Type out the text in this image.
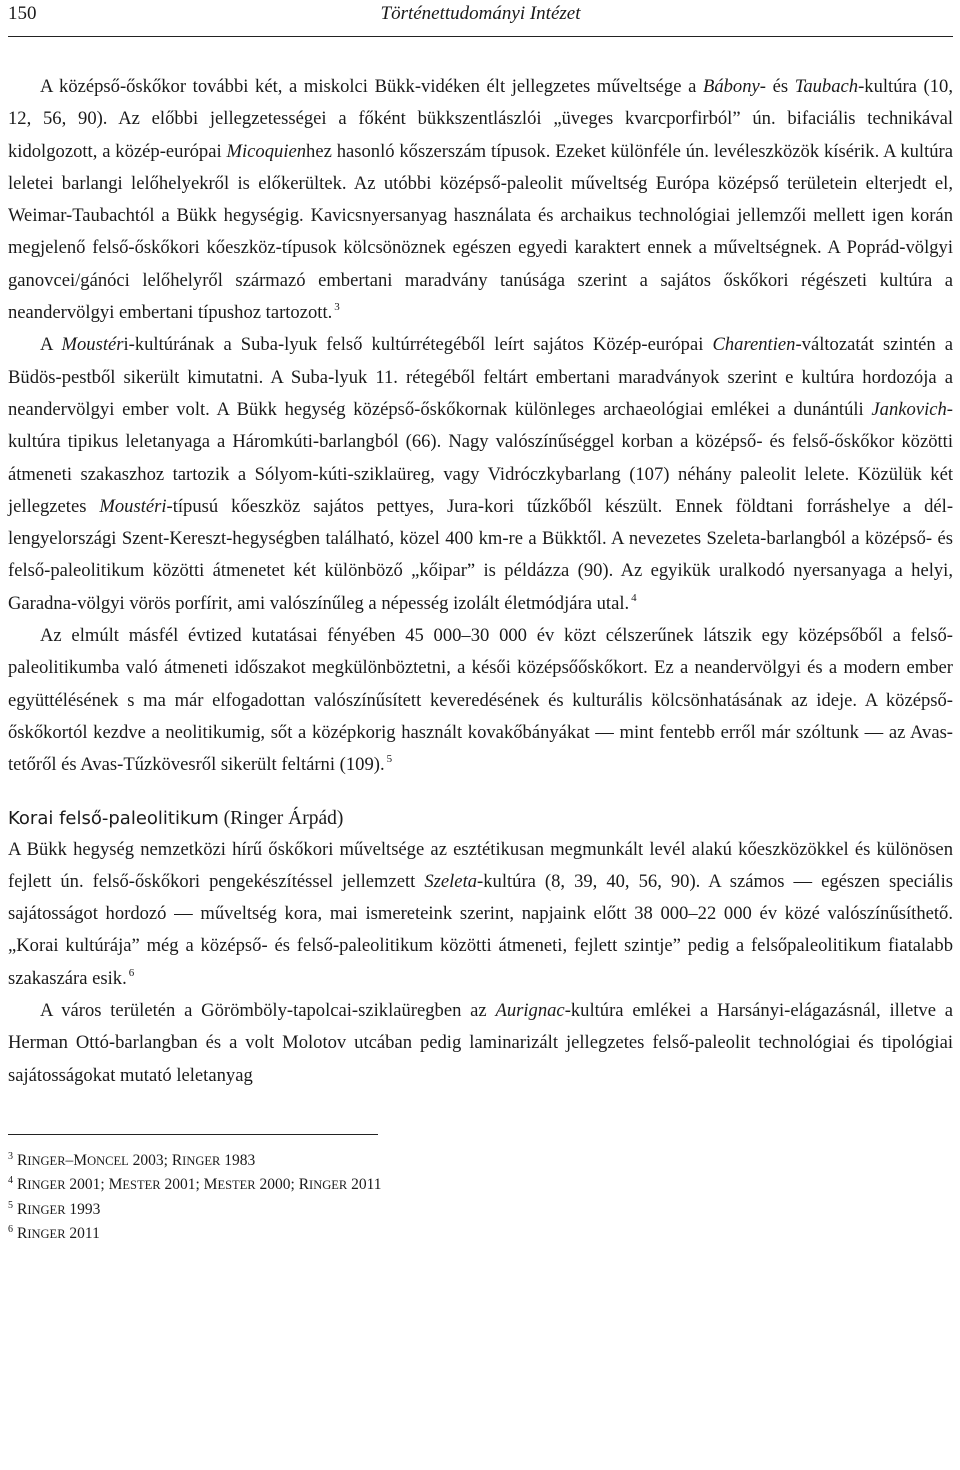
150	Történettudományi Intézet

A középső-őskőkor további két, a miskolci Bükk-vidéken élt jellegzetes műveltsége a Bábony- és Taubach-kultúra (10, 12, 56, 90). Az előbbi jellegzetességei a főként bükkszentlászlói „üveges kvarcporfirból” ún. bifaciális technikával kidolgozott, a közép-európai Micoquienhez hasonló kőszerszám típusok. Ezeket különféle ún. levéleszközök kísérik. A kultúra leletei barlangi lelőhelyekről is előkerültek. Az utóbbi középső-paleolit műveltség Európa középső területein elterjedt el, Weimar-Taubachtól a Bükk hegységig. Kavicsnyersanyag használata és archaikus technológiai jellemzői mellett igen korán megjelenő felső-őskőkori kőeszköz-típusok kölcsönöznek egészen egyedi karaktert ennek a műveltségnek. A Poprád-völgyi ganovcei/gánóci lelőhelyről származó embertani maradvány tanúsága szerint a sajátos őskőkori régészeti kultúra a neandervölgyi embertani típushoz tartozott. $^3$

A Moustéri-kultúrának a Suba-lyuk felső kultúrrétegéből leírt sajátos Közép-európai Charentien-változatát szintén a Büdös-pestből sikerült kimutatni. A Suba-lyuk 11. rétegéből feltárt embertani maradványok szerint e kultúra hordozója a neandervölgyi ember volt. A Bükk hegység középső-őskőkornak különleges archaeológiai emlékei a dunántúli Jankovich-kultúra tipikus leletanyaga a Háromkúti-barlangból (66). Nagy valószínűséggel korban a középső- és felső-őskőkor közötti átmeneti szakaszhoz tartozik a Sólyom-kúti-sziklaüreg, vagy Vidróczkybarlang (107) néhány paleolit lelete. Közülük két jellegzetes Moustéri-típusú kőeszköz sajátos pettyes, Jura-kori tűzkőből készült. Ennek földtani forráshelye a dél-lengyelországi Szent-Kereszt-hegységben található, közel 400 km-re a Bükktől. A nevezetes Szeleta-barlangból a középső- és felső-paleolitikum közötti átmenetet két különböző „kőipar” is példázza (90). Az egyikük uralkodó nyersanyaga a helyi, Garadna-völgyi vörös porfírit, ami valószínűleg a népesség izolált életmódjára utal. $^4$

Az elmúlt másfél évtized kutatásai fényében 45 000–30 000 év közt célszerűnek látszik egy középsőből a felső-paleolitikumba való átmeneti időszakot megkülönböztetni, a késői középsőőskőkort. Ez a neandervölgyi és a modern ember együttélésének s ma már elfogadottan valószínűsített keveredésének és kulturális kölcsönhatásának az ideje. A középső-őskőkortól kezdve a neolitikumig, sőt a középkorig használt kovakőbányákat — mint fentebb erről már szóltunk — az Avas-tetőről és Avas-Tűzkövesről sikerült feltárni (109). $^5$

Korai felső-paleolitikum (Ringer Árpád)

A Bükk hegység nemzetközi hírű őskőkori műveltsége az esztétikusan megmunkált levél alakú kőeszközökkel és különösen fejlett ún. felső-őskőkori pengekészítéssel jellemzett Szeleta-kultúra (8, 39, 40, 56, 90). A számos — egészen speciális sajátosságot hordozó — műveltség kora, mai ismereteink szerint, napjaink előtt 38 000–22 000 év közé valószínűsíthető. „Korai kultúrája” még a középső- és felső-paleolitikum közötti átmeneti, fejlett szintje” pedig a felsőpaleolitikum fiatalabb szakaszára esik. $^6$

A város területén a Görömböly-tapolcai-sziklaüregben az Aurignac-kultúra emlékei a Harsányi-elágazásnál, illetve a Herman Ottó-barlangban és a volt Molotov utcában pedig laminarizált jellegzetes felső-paleolit technológiai és tipológiai sajátosságokat mutató leletanyag

$^3$ RINGER–MONCEL 2003; RINGER 1983
$^4$ RINGER 2001; MESTER 2001; MESTER 2000; RINGER 2011
$^5$ RINGER 1993
$^6$ RINGER 2011
